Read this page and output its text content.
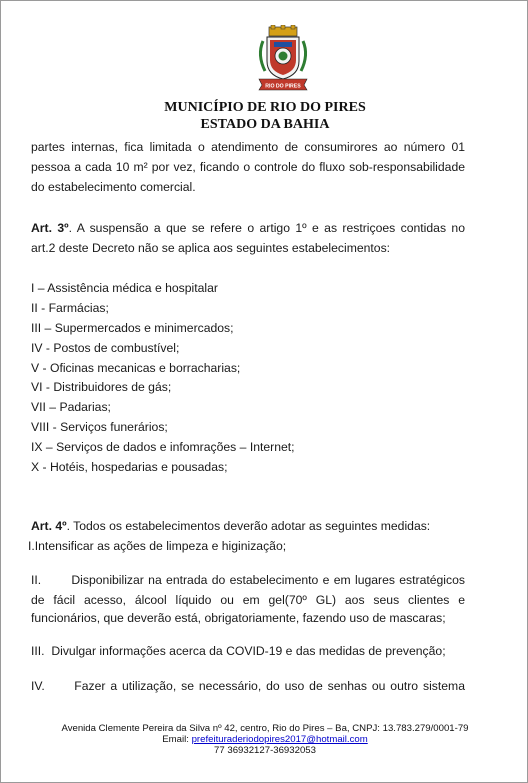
RIO DO PIRES
MUNICÍPIO DE RIO DO PIRES
ESTADO DA BAHIA
partes internas, fica limitada o atendimento de consumirores ao número 01
pessoa a cada 10 m² por vez, ficando o controle do fluxo sob-responsabilidade
do estabelecimento comercial.
Art. 3º. A suspensão a que se refere o artigo 1º e as restriçoes contidas no
art.2 deste Decreto não se aplica aos seguintes estabelecimentos:
I – Assistência médica e hospitalar
II - Farmácias;
III – Supermercados e minimercados;
IV - Postos de combustível;
V - Oficinas mecanicas e borracharias;
VI - Distribuidores de gás;
VII – Padarias;
VIII - Serviços funerários;
IX – Serviços de dados e infomrações – Internet;
X - Hotéis, hospedarias e pousadas;
Art. 4º. Todos os estabelecimentos deverão adotar as seguintes medidas:
I.Intensificar as ações de limpeza e higinização;
II.       Disponibilizar na entrada do estabelecimento e em lugares estratégicos
de fácil acesso, álcool líquido ou em gel(70º GL) aos seus clientes e
funcionários, que deverão está, obrigatoriamente, fazendo uso de mascaras;
III.  Divulgar informações acerca da COVID-19 e das medidas de prevenção;
IV.      Fazer a utilização, se necessário, do uso de senhas ou outro sistema
Avenida Clemente Pereira da Silva nº 42, centro, Rio do Pires – Ba, CNPJ: 13.783.279/0001-79
Email: prefeituraderiodopires2017@hotmail.com
77 36932127-36932053
